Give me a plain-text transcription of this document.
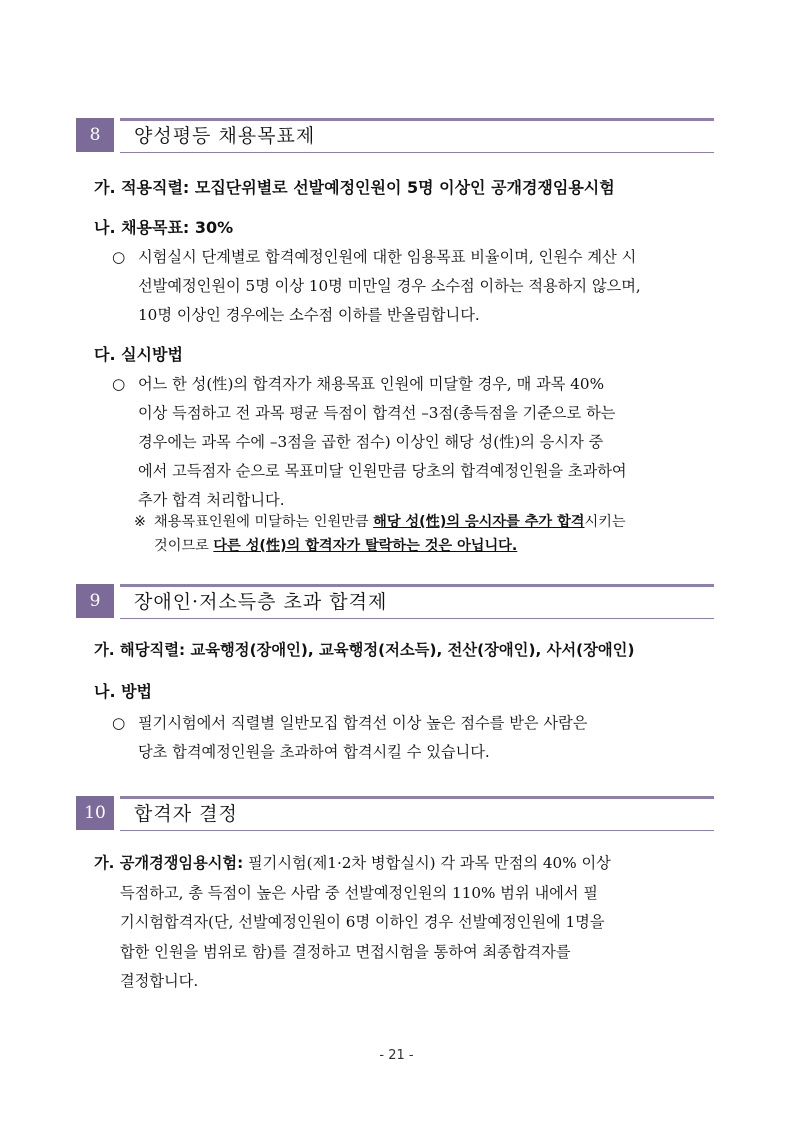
8	양성평등 채용목표제
가. 적용직렬: 모집단위별로 선발예정인원이 5명 이상인 공개경쟁임용시험
나. 채용목표: 30%
○ 시험실시 단계별로 합격예정인원에 대한 임용목표 비율이며, 인원수 계산 시
선발예정인원이 5명 이상 10명 미만일 경우 소수점 이하는 적용하지 않으며,
10명 이상인 경우에는 소수점 이하를 반올림합니다.
다. 실시방법
○ 어느 한 성(性)의 합격자가 채용목표 인원에 미달할 경우, 매 과목 40%
이상 득점하고 전 과목 평균 득점이 합격선 –3점(총득점을 기준으로 하는
경우에는 과목 수에 –3점을 곱한 점수) 이상인 해당 성(性)의 응시자 중
에서 고득점자 순으로 목표미달 인원만큼 당초의 합격예정인원을 초과하여
추가 합격 처리합니다.
※ 채용목표인원에 미달하는 인원만큼 해당 성(性)의 응시자를 추가 합격시키는
것이므로 다른 성(性)의 합격자가 탈락하는 것은 아닙니다.
9	장애인·저소득층 초과 합격제
가. 해당직렬: 교육행정(장애인), 교육행정(저소득), 전산(장애인), 사서(장애인)
나. 방법
○ 필기시험에서 직렬별 일반모집 합격선 이상 높은 점수를 받은 사람은
당초 합격예정인원을 초과하여 합격시킬 수 있습니다.
10	합격자 결정
가. 공개경쟁임용시험: 필기시험(제1·2차 병합실시) 각 과목 만점의 40% 이상
득점하고, 총 득점이 높은 사람 중 선발예정인원의 110% 범위 내에서 필
기시험합격자(단, 선발예정인원이 6명 이하인 경우 선발예정인원에 1명을
합한 인원을 범위로 함)를 결정하고 면접시험을 통하여 최종합격자를
결정합니다.
- 21 -
